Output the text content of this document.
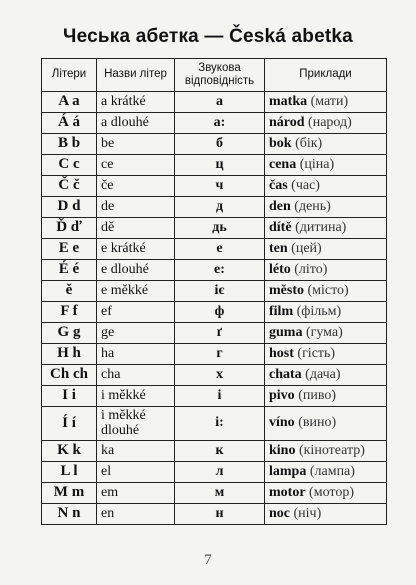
Чеська абетка — Česká abetka
Літери	Назви літер	Звукова відповідність	Приклади
A a	a krátké	а	matka (мати)
Á á	a dlouhé	а:	národ (народ)
B b	be	б	bok (бік)
C c	ce	ц	cena (ціна)
Č č	če	ч	čas (час)
D d	de	д	den (день)
Ď ď	dě	дь	dítě (дитина)
E e	e krátké	е	ten (цей)
É é	e dlouhé	е:	léto (літо)
ě	e měkké	іє	město (місто)
F f	ef	ф	film (фільм)
G g	ge	ґ	guma (гума)
H h	ha	г	host (гість)
Ch ch	cha	х	chata (дача)
I i	i měkké	і	pivo (пиво)
Í í	i měkké dlouhé	і:	víno (вино)
K k	ka	к	kino (кінотеатр)
L l	el	л	lampa (лампа)
M m	em	м	motor (мотор)
N n	en	н	noc (ніч)
7
